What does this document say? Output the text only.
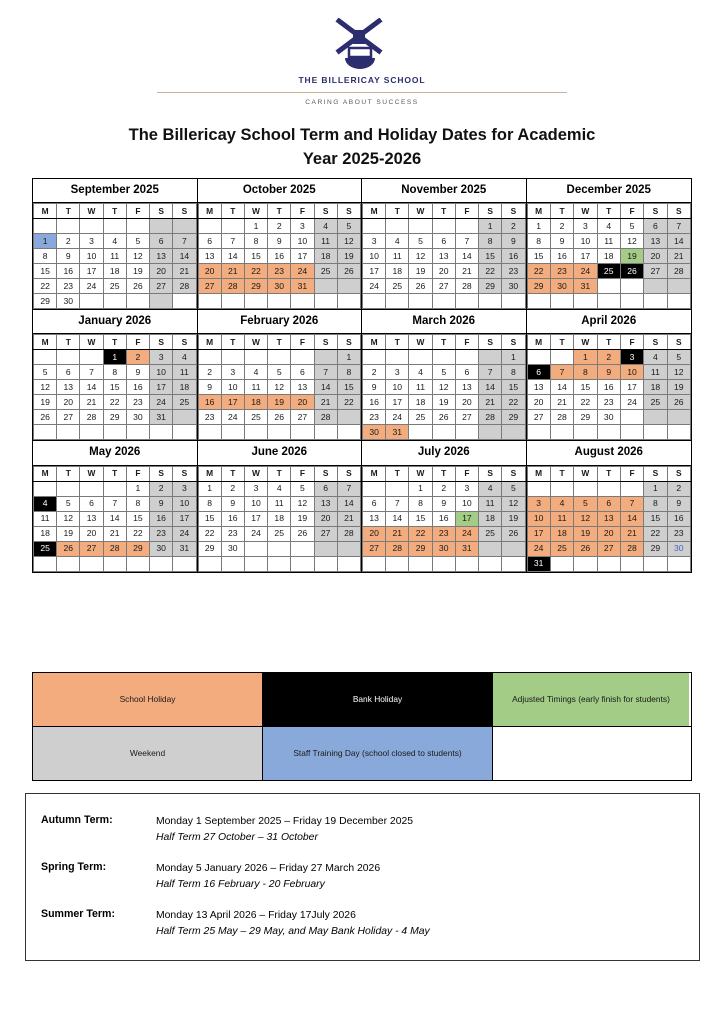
THE BILLERICAY SCHOOL
CARING ABOUT SUCCESS
The Billericay School Term and Holiday Dates for Academic
Year 2025-2026
September 2025
M	T	W	T	F	S	S

1	2	3	4	5	6	7
8	9	10	11	12	13	14
15	16	17	18	19	20	21
22	23	24	25	26	27	28
29	30					
October 2025
M	T	W	T	F	S	S
		1	2	3	4	5
6	7	8	9	10	11	12
13	14	15	16	17	18	19
20	21	22	23	24	25	26
27	28	29	30	31		

November 2025
M	T	W	T	F	S	S
					1	2
3	4	5	6	7	8	9
10	11	12	13	14	15	16
17	18	19	20	21	22	23
24	25	26	27	28	29	30

December 2025
M	T	W	T	F	S	S
1	2	3	4	5	6	7
8	9	10	11	12	13	14
15	16	17	18	19	20	21
22	23	24	25	26	27	28
29	30	31				

January 2026
M	T	W	T	F	S	S
			1	2	3	4
5	6	7	8	9	10	11
12	13	14	15	16	17	18
19	20	21	22	23	24	25
26	27	28	29	30	31	

February 2026
M	T	W	T	F	S	S
						1
2	3	4	5	6	7	8
9	10	11	12	13	14	15
16	17	18	19	20	21	22
23	24	25	26	27	28	

March 2026
M	T	W	T	F	S	S
						1
2	3	4	5	6	7	8
9	10	11	12	13	14	15
16	17	18	19	20	21	22
23	24	25	26	27	28	29
30	31					
April 2026
M	T	W	T	F	S	S
		1	2	3	4	5
6	7	8	9	10	11	12
13	14	15	16	17	18	19
20	21	22	23	24	25	26
27	28	29	30			

May 2026
M	T	W	T	F	S	S
				1	2	3
4	5	6	7	8	9	10
11	12	13	14	15	16	17
18	19	20	21	22	23	24
25	26	27	28	29	30	31

June 2026
M	T	W	T	F	S	S
1	2	3	4	5	6	7
8	9	10	11	12	13	14
15	16	17	18	19	20	21
22	23	24	25	26	27	28
29	30					

July 2026
M	T	W	T	F	S	S
		1	2	3	4	5
6	7	8	9	10	11	12
13	14	15	16	17	18	19
20	21	22	23	24	25	26
27	28	29	30	31		

August 2026
M	T	W	T	F	S	S
					1	2
3	4	5	6	7	8	9
10	11	12	13	14	15	16
17	18	19	20	21	22	23
24	25	26	27	28	29	30
31						
School Holiday	Bank Holiday	Adjusted Timings (early finish for students)
Weekend	Staff Training Day (school closed to students)
Autumn Term:	Monday 1 September 2025 – Friday 19 December 2025
Half Term 27 October – 31 October
Spring Term:	Monday 5 January 2026 – Friday 27 March 2026
Half Term 16 February - 20 February
Summer Term:	Monday 13 April 2026 – Friday 17July 2026
Half Term 25 May – 29 May, and May Bank Holiday - 4 May
